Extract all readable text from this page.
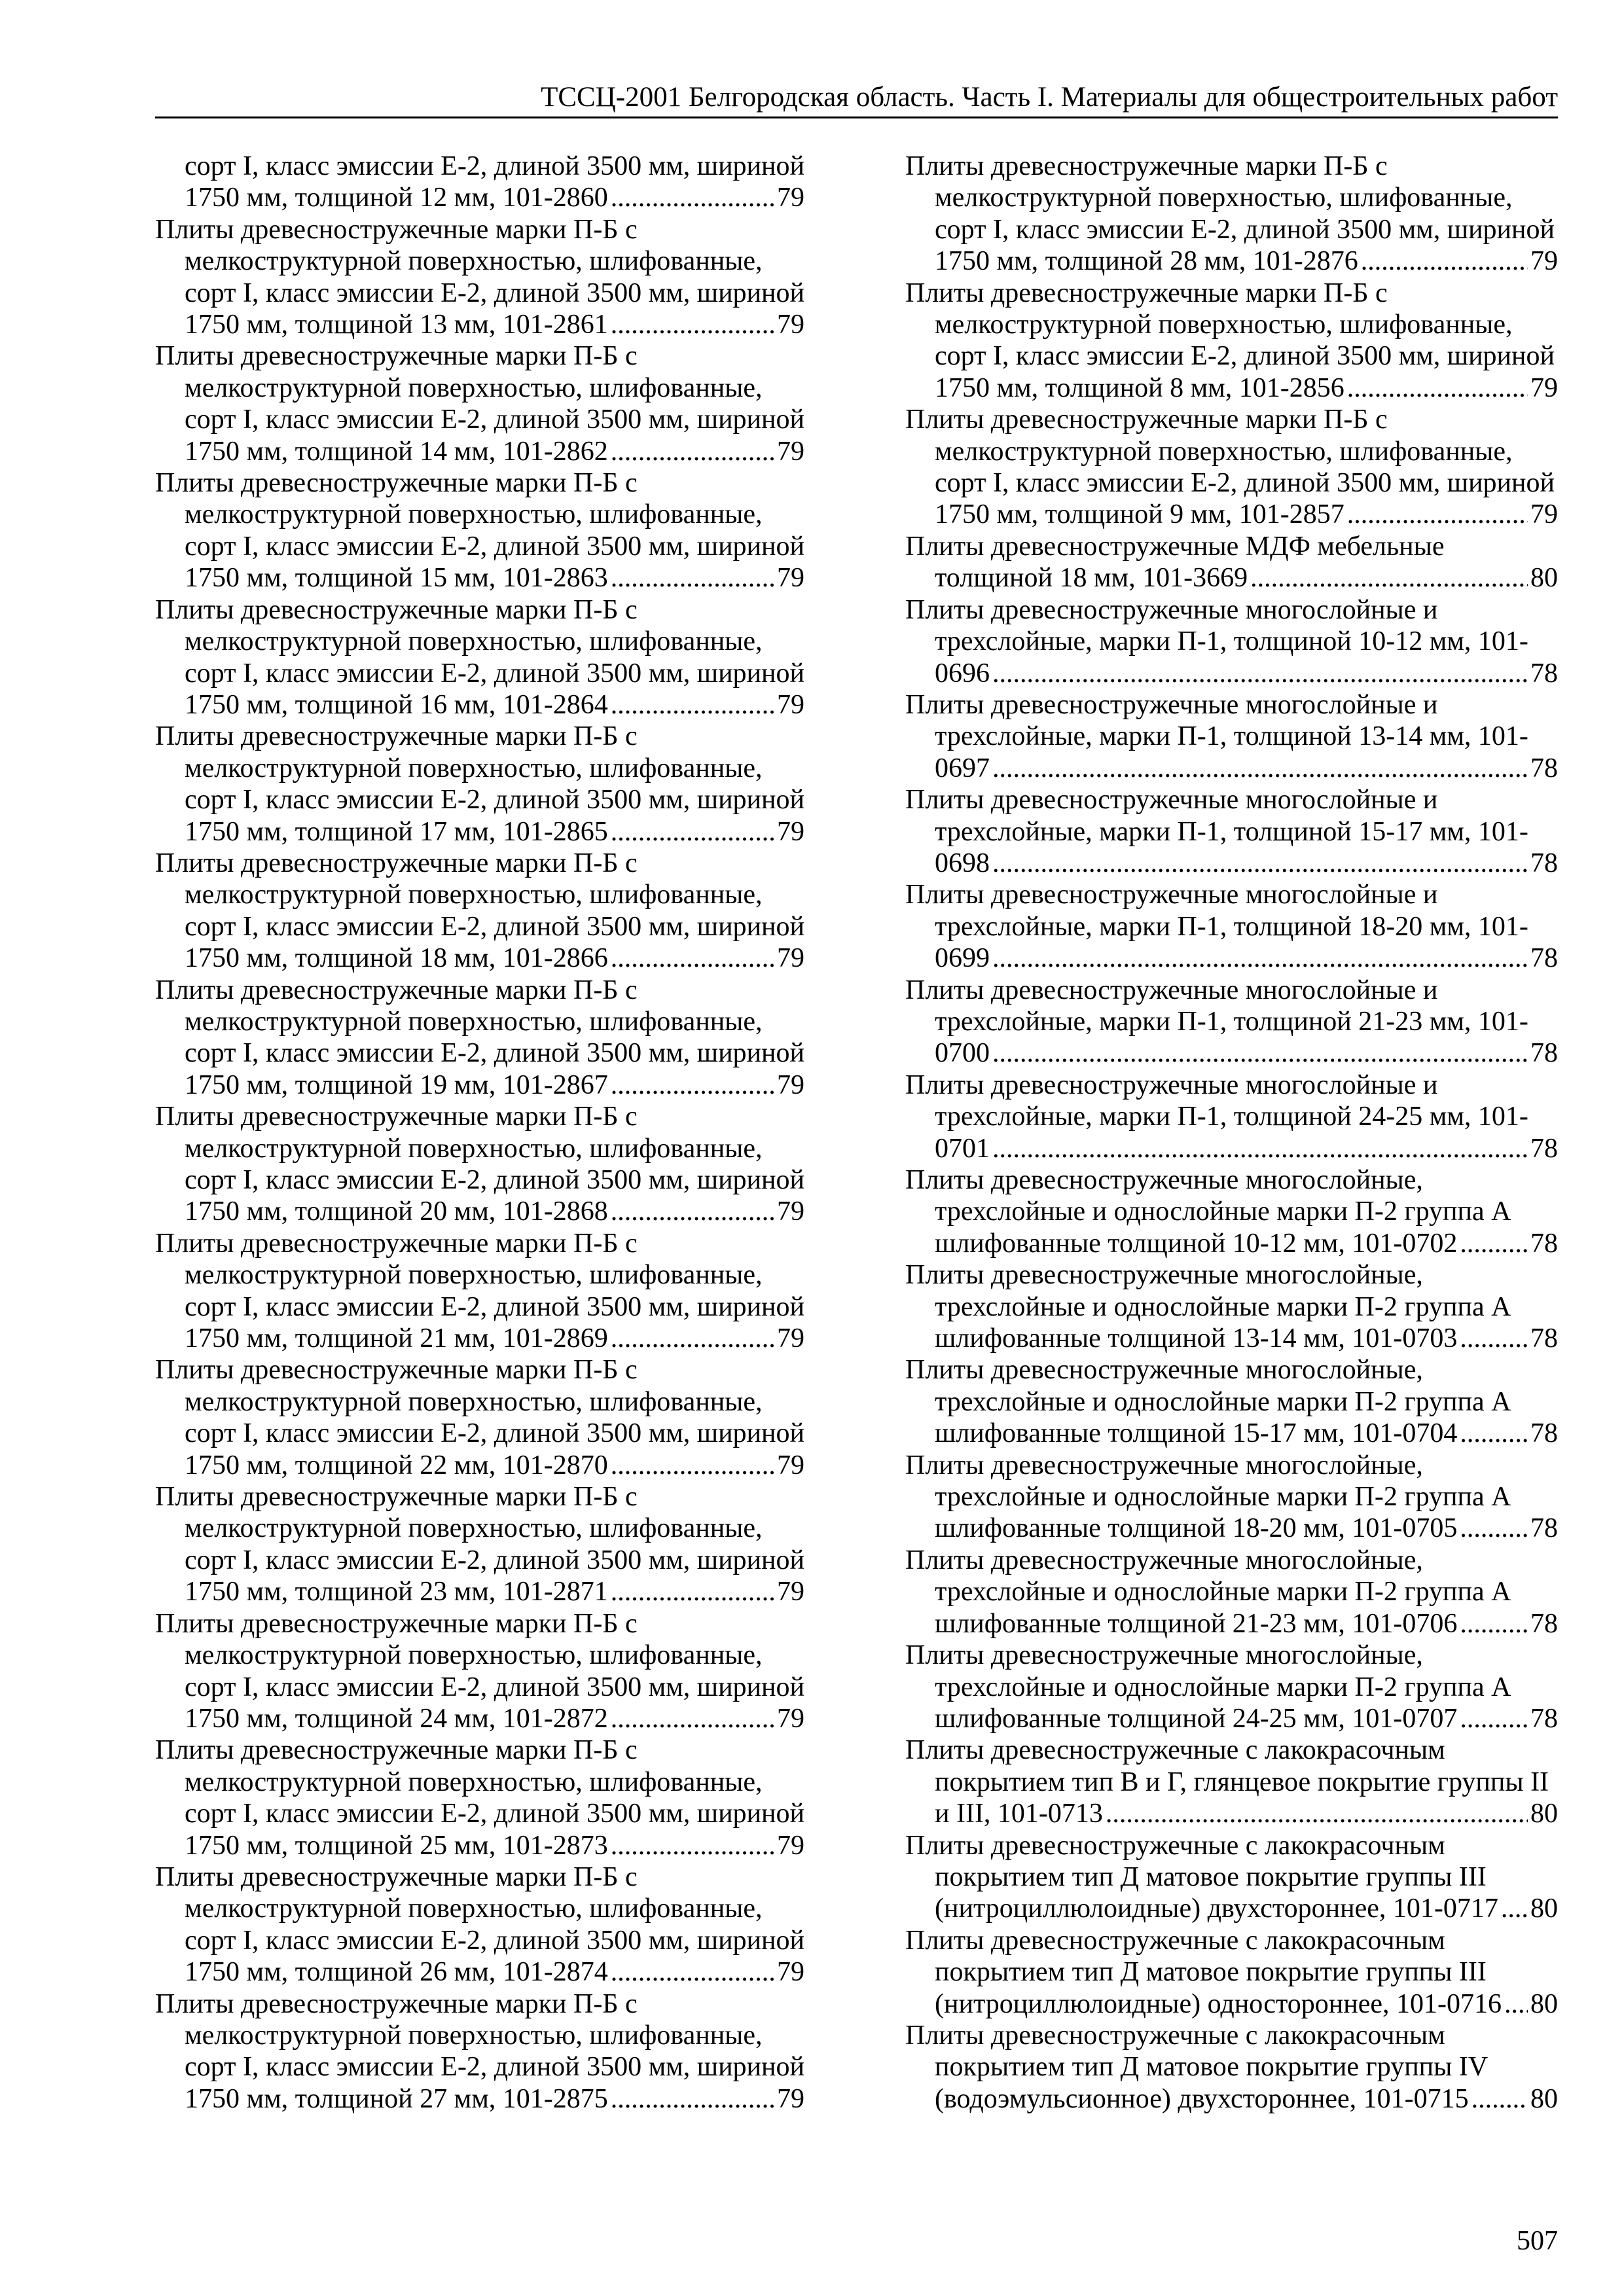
ТССЦ-2001 Белгородская область. Часть I. Материалы для общестроительных работ
сорт I, класс эмиссии Е-2, длиной 3500 мм, шириной
1750 мм, толщиной 12 мм, 101-2860 .....	79
Плиты древесностружечные марки П-Б с
мелкоструктурной поверхностью, шлифованные,
сорт I, класс эмиссии Е-2, длиной 3500 мм, шириной
1750 мм, толщиной 13 мм, 101-2861 .....	79
Плиты древесностружечные марки П-Б с
мелкоструктурной поверхностью, шлифованные,
сорт I, класс эмиссии Е-2, длиной 3500 мм, шириной
1750 мм, толщиной 14 мм, 101-2862 .....	79
Плиты древесностружечные марки П-Б с
мелкоструктурной поверхностью, шлифованные,
сорт I, класс эмиссии Е-2, длиной 3500 мм, шириной
1750 мм, толщиной 15 мм, 101-2863 .....	79
Плиты древесностружечные марки П-Б с
мелкоструктурной поверхностью, шлифованные,
сорт I, класс эмиссии Е-2, длиной 3500 мм, шириной
1750 мм, толщиной 16 мм, 101-2864 .....	79
Плиты древесностружечные марки П-Б с
мелкоструктурной поверхностью, шлифованные,
сорт I, класс эмиссии Е-2, длиной 3500 мм, шириной
1750 мм, толщиной 17 мм, 101-2865 .....	79
Плиты древесностружечные марки П-Б с
мелкоструктурной поверхностью, шлифованные,
сорт I, класс эмиссии Е-2, длиной 3500 мм, шириной
1750 мм, толщиной 18 мм, 101-2866 .....	79
Плиты древесностружечные марки П-Б с
мелкоструктурной поверхностью, шлифованные,
сорт I, класс эмиссии Е-2, длиной 3500 мм, шириной
1750 мм, толщиной 19 мм, 101-2867 .....	79
Плиты древесностружечные марки П-Б с
мелкоструктурной поверхностью, шлифованные,
сорт I, класс эмиссии Е-2, длиной 3500 мм, шириной
1750 мм, толщиной 20 мм, 101-2868 .....	79
Плиты древесностружечные марки П-Б с
мелкоструктурной поверхностью, шлифованные,
сорт I, класс эмиссии Е-2, длиной 3500 мм, шириной
1750 мм, толщиной 21 мм, 101-2869 .....	79
Плиты древесностружечные марки П-Б с
мелкоструктурной поверхностью, шлифованные,
сорт I, класс эмиссии Е-2, длиной 3500 мм, шириной
1750 мм, толщиной 22 мм, 101-2870 .....	79
Плиты древесностружечные марки П-Б с
мелкоструктурной поверхностью, шлифованные,
сорт I, класс эмиссии Е-2, длиной 3500 мм, шириной
1750 мм, толщиной 23 мм, 101-2871 .....	79
Плиты древесностружечные марки П-Б с
мелкоструктурной поверхностью, шлифованные,
сорт I, класс эмиссии Е-2, длиной 3500 мм, шириной
1750 мм, толщиной 24 мм, 101-2872 .....	79
Плиты древесностружечные марки П-Б с
мелкоструктурной поверхностью, шлифованные,
сорт I, класс эмиссии Е-2, длиной 3500 мм, шириной
1750 мм, толщиной 25 мм, 101-2873 .....	79
Плиты древесностружечные марки П-Б с
мелкоструктурной поверхностью, шлифованные,
сорт I, класс эмиссии Е-2, длиной 3500 мм, шириной
1750 мм, толщиной 26 мм, 101-2874 .....	79
Плиты древесностружечные марки П-Б с
мелкоструктурной поверхностью, шлифованные,
сорт I, класс эмиссии Е-2, длиной 3500 мм, шириной
1750 мм, толщиной 27 мм, 101-2875 .....	79
Плиты древесностружечные марки П-Б с
мелкоструктурной поверхностью, шлифованные,
сорт I, класс эмиссии Е-2, длиной 3500 мм, шириной
1750 мм, толщиной 28 мм, 101-2876 .....	79
Плиты древесностружечные марки П-Б с
мелкоструктурной поверхностью, шлифованные,
сорт I, класс эмиссии Е-2, длиной 3500 мм, шириной
1750 мм, толщиной 8 мм, 101-2856 .....	79
Плиты древесностружечные марки П-Б с
мелкоструктурной поверхностью, шлифованные,
сорт I, класс эмиссии Е-2, длиной 3500 мм, шириной
1750 мм, толщиной 9 мм, 101-2857 .....	79
Плиты древесностружечные МДФ мебельные
толщиной 18 мм, 101-3669 .....	80
Плиты древесностружечные многослойные и
трехслойные, марки П-1, толщиной 10-12 мм, 101-
0696 .....	78
Плиты древесностружечные многослойные и
трехслойные, марки П-1, толщиной 13-14 мм, 101-
0697 .....	78
Плиты древесностружечные многослойные и
трехслойные, марки П-1, толщиной 15-17 мм, 101-
0698 .....	78
Плиты древесностружечные многослойные и
трехслойные, марки П-1, толщиной 18-20 мм, 101-
0699 .....	78
Плиты древесностружечные многослойные и
трехслойные, марки П-1, толщиной 21-23 мм, 101-
0700 .....	78
Плиты древесностружечные многослойные и
трехслойные, марки П-1, толщиной 24-25 мм, 101-
0701 .....	78
Плиты древесностружечные многослойные,
трехслойные и однослойные марки П-2 группа А
шлифованные толщиной 10-12 мм, 101-0702 .....	78
Плиты древесностружечные многослойные,
трехслойные и однослойные марки П-2 группа А
шлифованные толщиной 13-14 мм, 101-0703 .....	78
Плиты древесностружечные многослойные,
трехслойные и однослойные марки П-2 группа А
шлифованные толщиной 15-17 мм, 101-0704 .....	78
Плиты древесностружечные многослойные,
трехслойные и однослойные марки П-2 группа А
шлифованные толщиной 18-20 мм, 101-0705 .....	78
Плиты древесностружечные многослойные,
трехслойные и однослойные марки П-2 группа А
шлифованные толщиной 21-23 мм, 101-0706 .....	78
Плиты древесностружечные многослойные,
трехслойные и однослойные марки П-2 группа А
шлифованные толщиной 24-25 мм, 101-0707 .....	78
Плиты древесностружечные с лакокрасочным
покрытием тип В и Г, глянцевое покрытие группы II
и III, 101-0713 .....	80
Плиты древесностружечные с лакокрасочным
покрытием тип Д матовое покрытие группы III
(нитроциллюлоидные) двухстороннее, 101-0717 ..... 80
Плиты древесностружечные с лакокрасочным
покрытием тип Д матовое покрытие группы III
(нитроциллюлоидные) одностороннее, 101-0716 ..... 80
Плиты древесностружечные с лакокрасочным
покрытием тип Д матовое покрытие группы IV
(водоэмульсионное) двухстороннее, 101-0715 ..... 80
507
